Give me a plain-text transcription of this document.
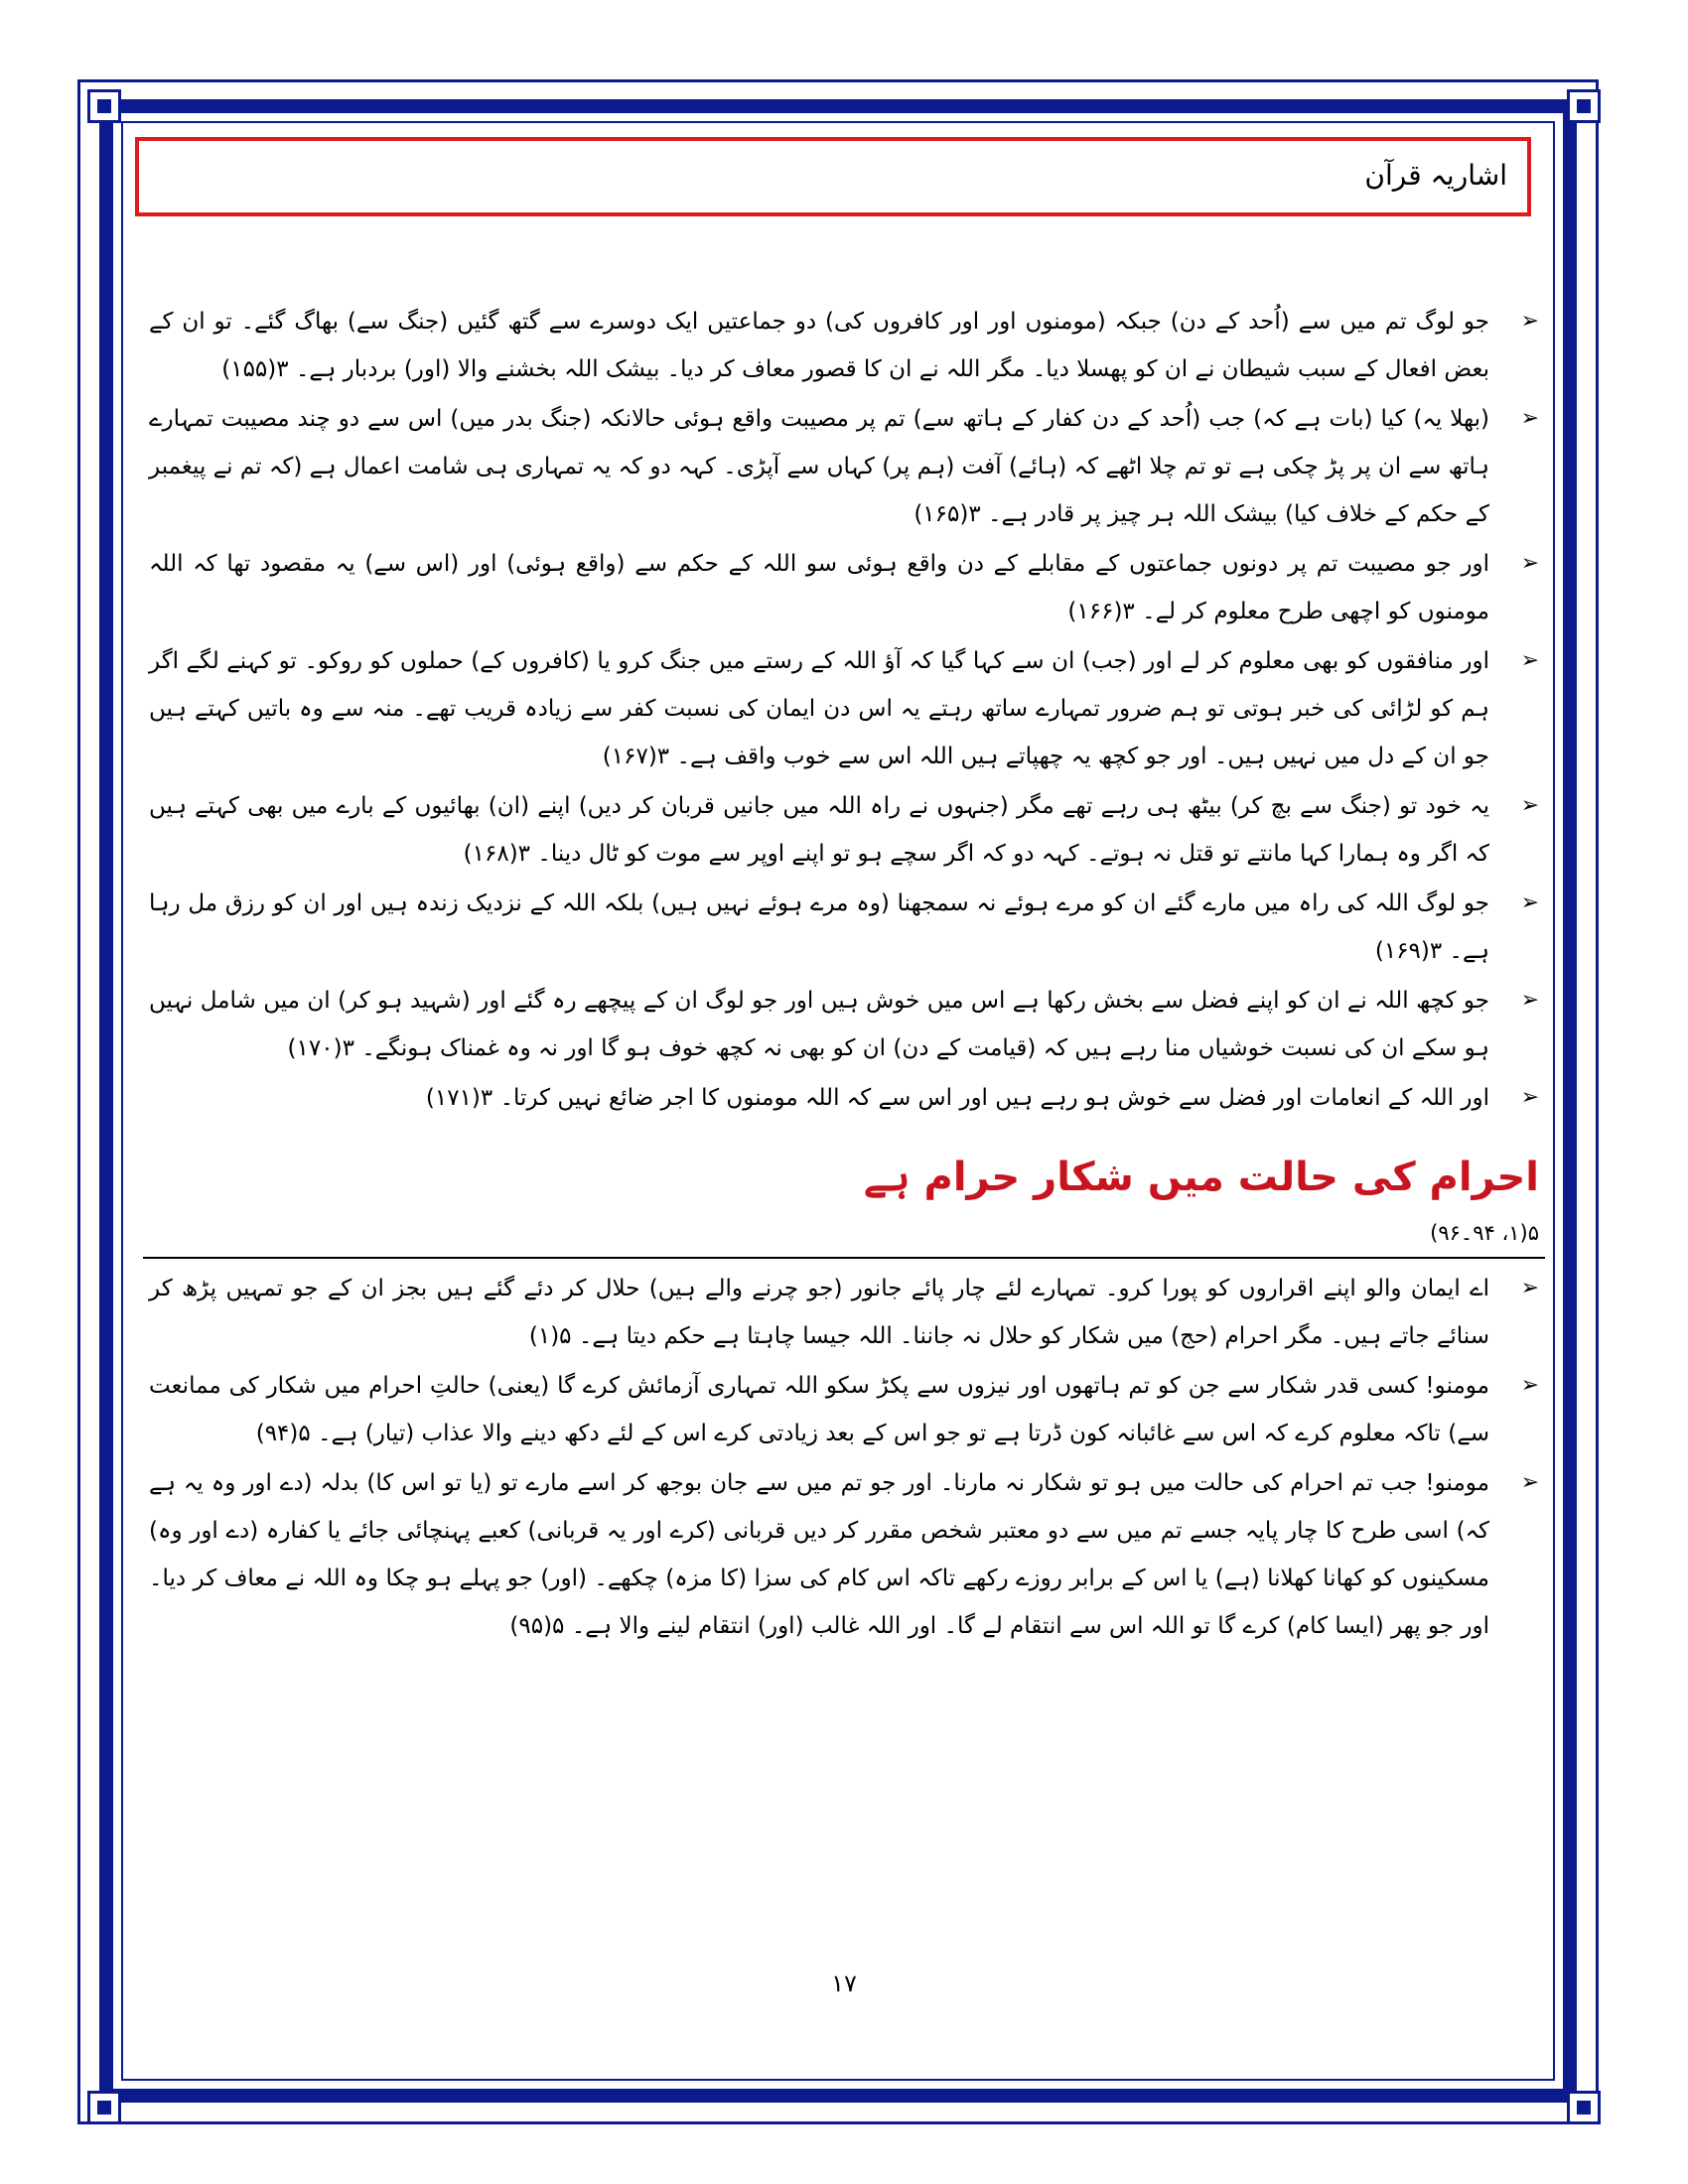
اشاریہ قرآن
➢
جو لوگ تم میں سے (اُحد کے دن) جبکہ (مومنوں اور اور کافروں کی) دو جماعتیں ایک دوسرے سے گتھ گئیں (جنگ سے) بھاگ گئے۔ تو ان کے بعض افعال کے سبب شیطان نے ان کو پھسلا دیا۔ مگر اللہ نے ان کا قصور معاف کر دیا۔ بیشک اللہ بخشنے والا (اور) بردبار ہے۔ ۳(۱۵۵)
➢
(بھلا یہ) کیا (بات ہے کہ) جب (اُحد کے دن کفار کے ہاتھ سے) تم پر مصیبت واقع ہوئی حالانکہ (جنگ بدر میں) اس سے دو چند مصیبت تمہارے ہاتھ سے ان پر پڑ چکی ہے تو تم چلا اٹھے کہ (ہائے) آفت (ہم پر) کہاں سے آپڑی۔ کہہ دو کہ یہ تمہاری ہی شامت اعمال ہے (کہ تم نے پیغمبر کے حکم کے خلاف کیا) بیشک اللہ ہر چیز پر قادر ہے۔ ۳(۱۶۵)
➢
اور جو مصیبت تم پر دونوں جماعتوں کے مقابلے کے دن واقع ہوئی سو اللہ کے حکم سے (واقع ہوئی) اور (اس سے) یہ مقصود تھا کہ اللہ مومنوں کو اچھی طرح معلوم کر لے۔ ۳(۱۶۶)
➢
اور منافقوں کو بھی معلوم کر لے اور (جب) ان سے کہا گیا کہ آؤ اللہ کے رستے میں جنگ کرو یا (کافروں کے) حملوں کو روکو۔ تو کہنے لگے اگر ہم کو لڑائی کی خبر ہوتی تو ہم ضرور تمہارے ساتھ رہتے یہ اس دن ایمان کی نسبت کفر سے زیادہ قریب تھے۔ منہ سے وہ باتیں کہتے ہیں جو ان کے دل میں نہیں ہیں۔ اور جو کچھ یہ چھپاتے ہیں اللہ اس سے خوب واقف ہے۔ ۳(۱۶۷)
➢
یہ خود تو (جنگ سے بچ کر) بیٹھ ہی رہے تھے مگر (جنہوں نے راہ اللہ میں جانیں قربان کر دیں) اپنے (ان) بھائیوں کے بارے میں بھی کہتے ہیں کہ اگر وہ ہمارا کہا مانتے تو قتل نہ ہوتے۔ کہہ دو کہ اگر سچے ہو تو اپنے اوپر سے موت کو ٹال دینا۔ ۳(۱۶۸)
➢
جو لوگ اللہ کی راہ میں مارے گئے ان کو مرے ہوئے نہ سمجھنا (وہ مرے ہوئے نہیں ہیں) بلکہ اللہ کے نزدیک زندہ ہیں اور ان کو رزق مل رہا ہے۔ ۳(۱۶۹)
➢
جو کچھ اللہ نے ان کو اپنے فضل سے بخش رکھا ہے اس میں خوش ہیں اور جو لوگ ان کے پیچھے رہ گئے اور (شہید ہو کر) ان میں شامل نہیں ہو سکے ان کی نسبت خوشیاں منا رہے ہیں کہ (قیامت کے دن) ان کو بھی نہ کچھ خوف ہو گا اور نہ وہ غمناک ہونگے۔ ۳(۱۷۰)
➢
اور اللہ کے انعامات اور فضل سے خوش ہو رہے ہیں اور اس سے کہ اللہ مومنوں کا اجر ضائع نہیں کرتا۔ ۳(۱۷۱)
احرام کی حالت میں شکار حرام ہے
۵(۱، ۹۴۔۹۶)
➢
اے ایمان والو اپنے اقراروں کو پورا کرو۔ تمہارے لئے چار پائے جانور (جو چرنے والے ہیں) حلال کر دئے گئے ہیں بجز ان کے جو تمہیں پڑھ کر سنائے جاتے ہیں۔ مگر احرام (حج) میں شکار کو حلال نہ جاننا۔ اللہ جیسا چاہتا ہے حکم دیتا ہے۔ ۵(۱)
➢
مومنو! کسی قدر شکار سے جن کو تم ہاتھوں اور نیزوں سے پکڑ سکو اللہ تمہاری آزمائش کرے گا (یعنی) حالتِ احرام میں شکار کی ممانعت سے) تاکہ معلوم کرے کہ اس سے غائبانہ کون ڈرتا ہے تو جو اس کے بعد زیادتی کرے اس کے لئے دکھ دینے والا عذاب (تیار) ہے۔ ۵(۹۴)
➢
مومنو! جب تم احرام کی حالت میں ہو تو شکار نہ مارنا۔ اور جو تم میں سے جان بوجھ کر اسے مارے تو (یا تو اس کا) بدلہ (دے اور وہ یہ ہے کہ) اسی طرح کا چار پایہ جسے تم میں سے دو معتبر شخص مقرر کر دیں قربانی (کرے اور یہ قربانی) کعبے پہنچائی جائے یا کفارہ (دے اور وہ) مسکینوں کو کھانا کھلانا (ہے) یا اس کے برابر روزے رکھے تاکہ اس کام کی سزا (کا مزہ) چکھے۔ (اور) جو پہلے ہو چکا وہ اللہ نے معاف کر دیا۔ اور جو پھر (ایسا کام) کرے گا تو اللہ اس سے انتقام لے گا۔ اور اللہ غالب (اور) انتقام لینے والا ہے۔ ۵(۹۵)
۱۷
